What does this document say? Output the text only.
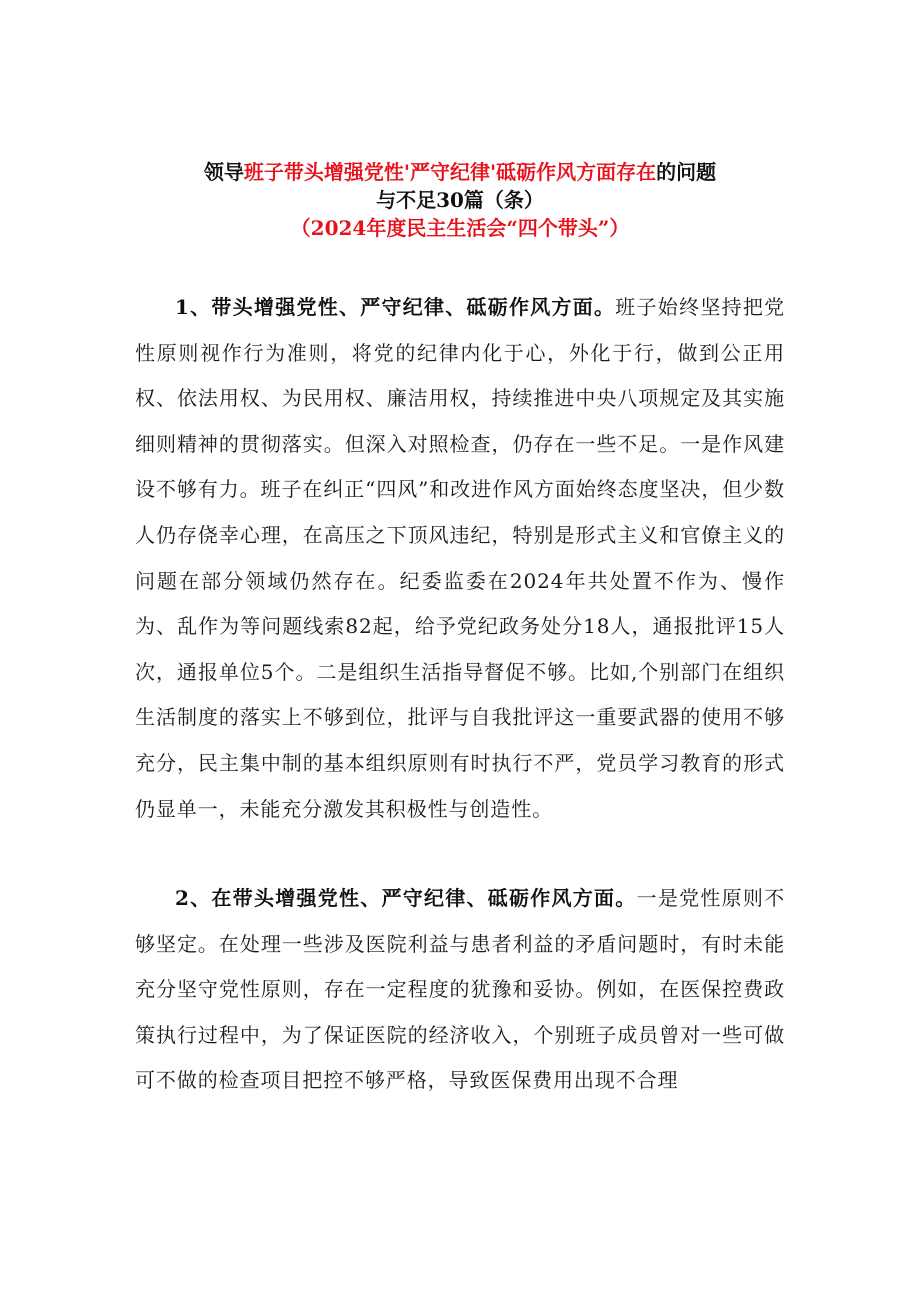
领导班子带头增强党性'严守纪律'砥砺作风方面存在的问题
与不足30篇（条）
（2024年度民主生活会“四个带头”）
1、带头增强党性、严守纪律、砥砺作风方面。班子始终坚持把党性原则视作行为准则，将党的纪律内化于心，外化于行，做到公正用权、依法用权、为民用权、廉洁用权，持续推进中央八项规定及其实施细则精神的贯彻落实。但深入对照检查，仍存在一些不足。一是作风建设不够有力。班子在纠正“四风”和改进作风方面始终态度坚决，但少数人仍存侥幸心理，在高压之下顶风违纪，特别是形式主义和官僚主义的问题在部分领域仍然存在。纪委监委在2024年共处置不作为、慢作为、乱作为等问题线索82起，给予党纪政务处分18人，通报批评15人次，通报单位5个。二是组织生活指导督促不够。比如,个别部门在组织生活制度的落实上不够到位，批评与自我批评这一重要武器的使用不够充分，民主集中制的基本组织原则有时执行不严，党员学习教育的形式仍显单一，未能充分激发其积极性与创造性。
2、在带头增强党性、严守纪律、砥砺作风方面。一是党性原则不够坚定。在处理一些涉及医院利益与患者利益的矛盾问题时，有时未能充分坚守党性原则，存在一定程度的犹豫和妥协。例如，在医保控费政策执行过程中，为了保证医院的经济收入，个别班子成员曾对一些可做可不做的检查项目把控不够严格，导致医保费用出现不合理
